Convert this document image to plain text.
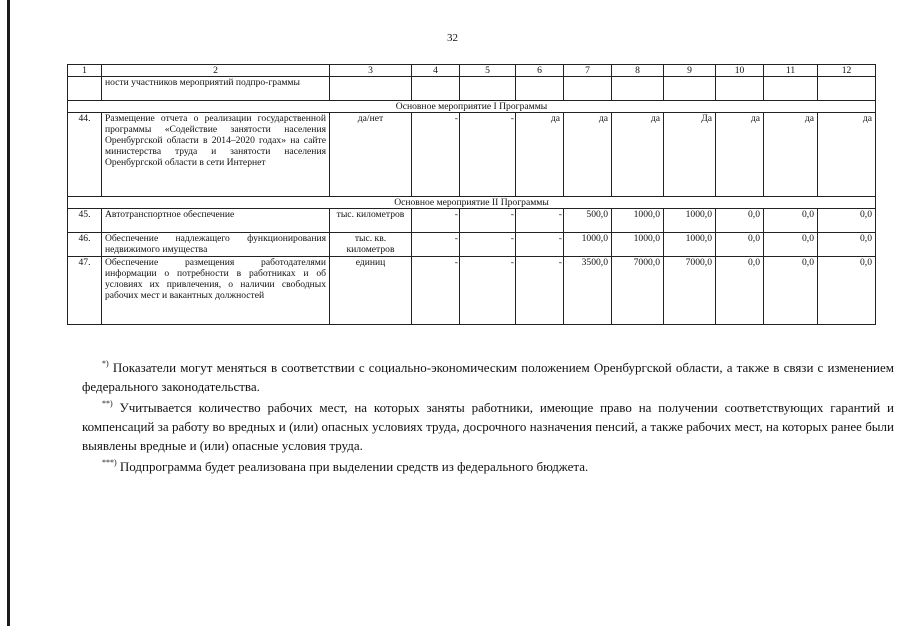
32
1	2	3	4	5	6	7	8	9	10	11	12
	ности участников мероприятий подпро-граммы										
Основное мероприятие I Программы											
44.	Размещение отчета о реализации государственной программы «Содействие занятости населения Оренбургской области в 2014–2020 годах» на сайте министерства труда и занятости населения Оренбургской области в сети Интернет	да/нет	-	-	да	да	да	Да	да	да	да
Основное мероприятие II Программы											
45.	Автотранспортное обеспечение	тыс. километров	-	-	-	500,0	1000,0	1000,0	0,0	0,0	0,0
46.	Обеспечение надлежащего функционирования недвижимого имущества	тыс. кв. километров	-	-	-	1000,0	1000,0	1000,0	0,0	0,0	0,0
47.	Обеспечение размещения работодателями информации о потребности в работниках и об условиях их привлечения, о наличии свободных рабочих мест и вакантных должностей	единиц	-	-	-	3500,0	7000,0	7000,0	0,0	0,0	0,0

*) Показатели могут меняться в соответствии с социально-экономическим положением Оренбургской области, а также в связи с изменением федерального законодательства.

**) Учитывается количество рабочих мест, на которых заняты работники, имеющие право на получении соответствующих гарантий и компенсаций за работу во вредных и (или) опасных условиях труда, досрочного назначения пенсий, а также рабочих мест, на которых ранее были выявлены вредные и (или) опасные условия труда.

***) Подпрограмма будет реализована при выделении средств из федерального бюджета.
